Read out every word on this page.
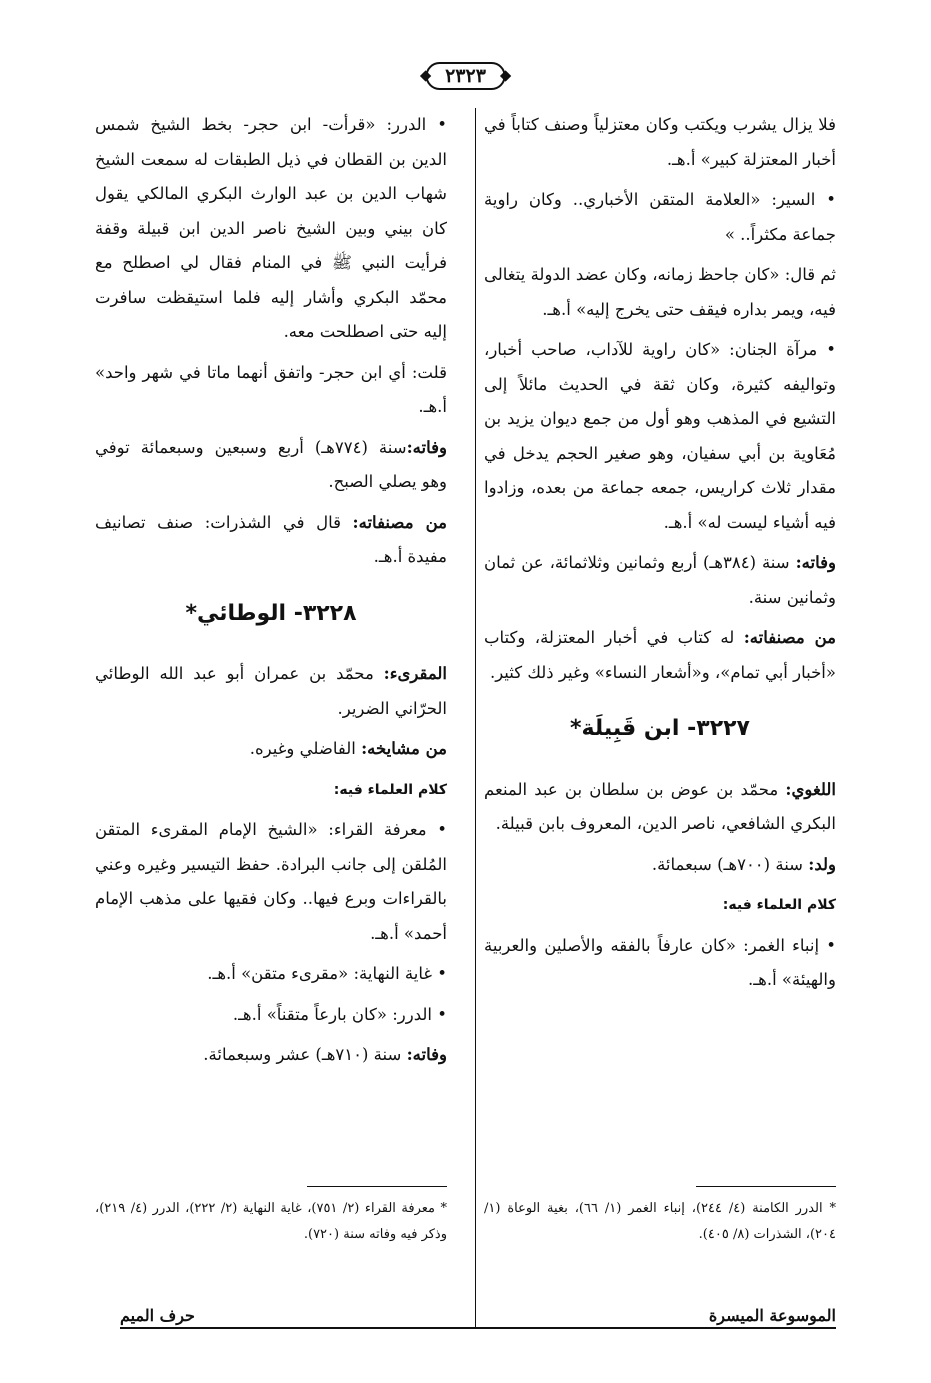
٢٣٢٣

فلا يزال يشرب ويكتب وكان معتزلياً وصنف كتاباً في أخبار المعتزلة كبير» أ.هـ.

• السير: «العلامة المتقن الأخباري.. وكان راوية جماعة مكثراً.. »

ثم قال: «كان جاحظ زمانه، وكان عضد الدولة يتغالى فيه، ويمر بداره فيقف حتى يخرج إليه» أ.هـ.

• مرآة الجنان: «كان راوية للآداب، صاحب أخبار، وتواليفه كثيرة، وكان ثقة في الحديث مائلاً إلى التشيع في المذهب وهو أول من جمع ديوان يزيد بن مُعَاوية بن أبي سفيان، وهو صغير الحجم يدخل في مقدار ثلاث كراريس، جمعه جماعة من بعده، وزادوا فيه أشياء ليست له» أ.هـ.

وفاته: سنة (٣٨٤هـ) أربع وثمانين وثلاثمائة، عن ثمان وثمانين سنة.

من مصنفاته: له كتاب في أخبار المعتزلة، وكتاب «أخبار أبي تمام»، و«أشعار النساء» وغير ذلك كثير.

٣٢٢٧- ابن قَبِيلَة*

اللغوي: محمّد بن عوض بن سلطان بن عبد المنعم البكري الشافعي، ناصر الدين، المعروف بابن قبيلة.

ولد: سنة (٧٠٠هـ) سبعمائة.

كلام العلماء فيه:

• إنباء الغمر: «كان عارفاً بالفقه والأصلين والعربية والهيئة» أ.هـ.

• الدرر: «قرأت- ابن حجر- بخط الشيخ شمس الدين بن القطان في ذيل الطبقات له سمعت الشيخ شهاب الدين بن عبد الوارث البكري المالكي يقول كان بيني وبين الشيخ ناصر الدين ابن قبيلة وقفة فرأيت النبي ﷺ في المنام فقال لي اصطلح مع محمّد البكري وأشار إليه فلما استيقظت سافرت إليه حتى اصطلحت معه.

قلت: أي ابن حجر- واتفق أنهما ماتا في شهر واحد» أ.هـ.

وفاته:سنة (٧٧٤هـ) أربع وسبعين وسبعمائة توفي وهو يصلي الصبح.

من مصنفاته: قال في الشذرات: صنف تصانيف مفيدة أ.هـ.

٣٢٢٨- الوطائي*

المقرىء: محمّد بن عمران أبو عبد الله الوطائي الحرّاني الضرير.

من مشايخه: الفاضلي وغيره.

كلام العلماء فيه:

• معرفة القراء: «الشيخ الإمام المقرىء المتقن المُلقن إلى جانب البرادة. حفظ التيسير وغيره وعني بالقراءات وبرع فيها.. وكان فقيها على مذهب الإمام أحمد» أ.هـ.

• غاية النهاية: «مقرىء متقن» أ.هـ.

• الدرر: «كان بارعاً متقناً» أ.هـ.

وفاته: سنة (٧١٠هـ) عشر وسبعمائة.

* الدرر الكامنة (٤/ ٢٤٤)، إنباء الغمر (١/ ٦٦)، بغية الوعاة (١/ ٢٠٤)، الشذرات (٨/ ٤٠٥).
* معرفة القراء (٢/ ٧٥١)، غاية النهاية (٢/ ٢٢٢)، الدرر (٤/ ٢١٩)، وذكر فيه وفاته سنة (٧٢٠).
الموسوعة الميسرة
حرف الميم
